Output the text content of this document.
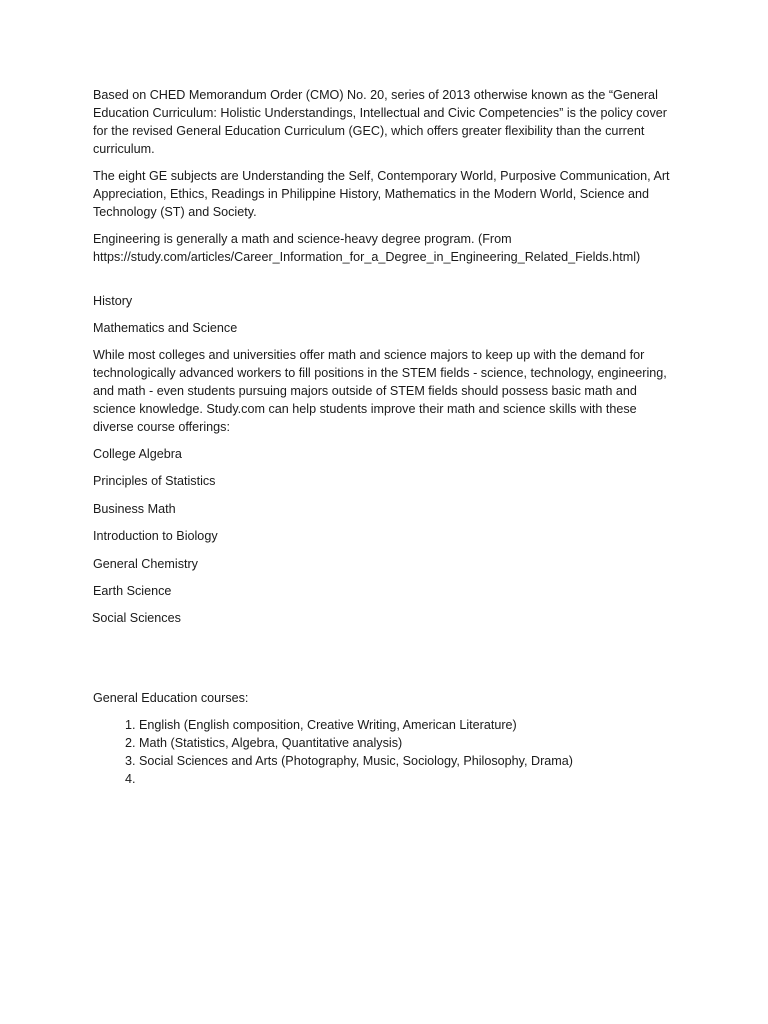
Based on CHED Memorandum Order (CMO) No. 20, series of 2013 otherwise known as the “General Education Curriculum: Holistic Understandings, Intellectual and Civic Competencies” is the policy cover for the revised General Education Curriculum (GEC), which offers greater flexibility than the current curriculum.

The eight GE subjects are Understanding the Self, Contemporary World, Purposive Communication, Art Appreciation, Ethics, Readings in Philippine History, Mathematics in the Modern World, Science and Technology (ST) and Society.

Engineering is generally a math and science-heavy degree program. (From https://study.com/articles/Career_Information_for_a_Degree_in_Engineering_Related_Fields.html)

History

Mathematics and Science

While most colleges and universities offer math and science majors to keep up with the demand for technologically advanced workers to fill positions in the STEM fields - science, technology, engineering, and math - even students pursuing majors outside of STEM fields should possess basic math and science knowledge. Study.com can help students improve their math and science skills with these diverse course offerings:

College Algebra

Principles of Statistics

Business Math

Introduction to Biology

General Chemistry

Earth Science

Social Sciences

General Education courses:

1. English (English composition, Creative Writing, American Literature)
2. Math (Statistics, Algebra, Quantitative analysis)
3. Social Sciences and Arts (Photography, Music, Sociology, Philosophy, Drama)
4.
